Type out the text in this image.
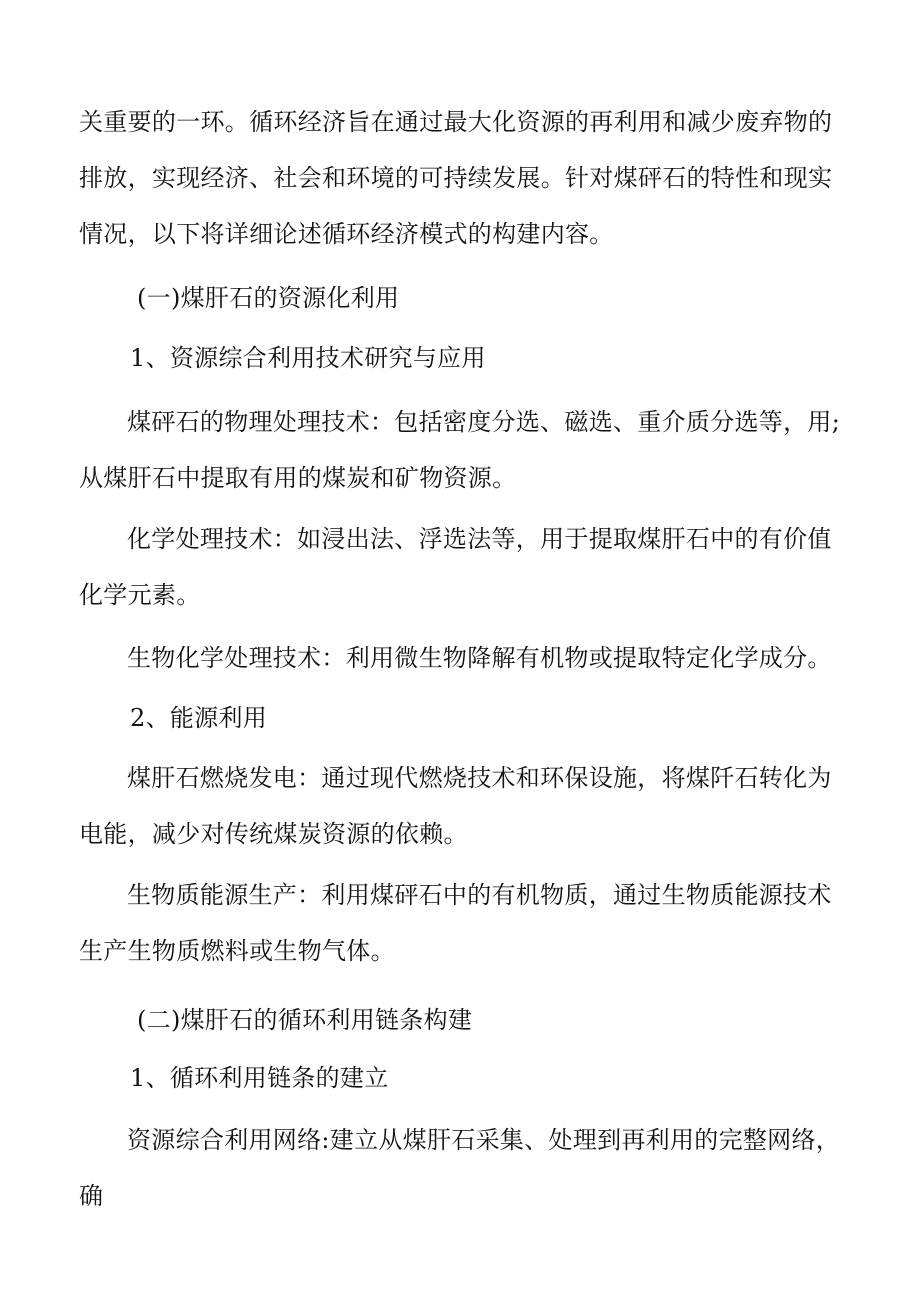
关重要的一环。循环经济旨在通过最大化资源的再利用和减少废弃物的排放，实现经济、社会和环境的可持续发展。针对煤砰石的特性和现实情况，以下将详细论述循环经济模式的构建内容。

(一)煤肝石的资源化利用

1、资源综合利用技术研究与应用

煤砰石的物理处理技术：包括密度分选、磁选、重介质分选等，用;从煤肝石中提取有用的煤炭和矿物资源。

化学处理技术：如浸出法、浮选法等，用于提取煤肝石中的有价值化学元素。

生物化学处理技术：利用微生物降解有机物或提取特定化学成分。

2、能源利用

煤肝石燃烧发电：通过现代燃烧技术和环保设施，将煤阡石转化为电能，减少对传统煤炭资源的依赖。

生物质能源生产：利用煤砰石中的有机物质，通过生物质能源技术生产生物质燃料或生物气体。

(二)煤肝石的循环利用链条构建

1、循环利用链条的建立

资源综合利用网络:建立从煤肝石采集、处理到再利用的完整网络，确
